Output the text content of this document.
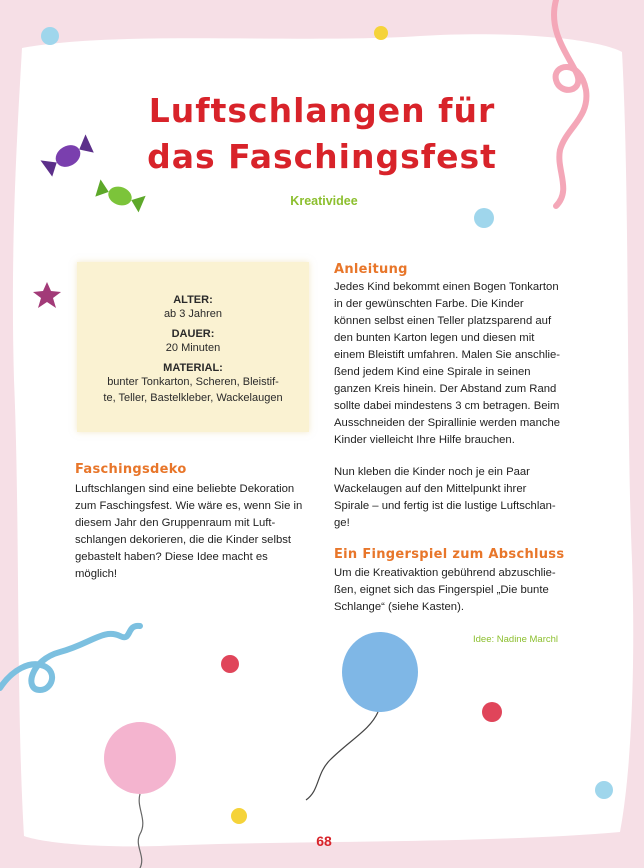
Luftschlangen für
das Faschingsfest
Kreatividee
ALTER:
ab 3 Jahren
DAUER:
20 Minuten
MATERIAL:
bunter Tonkarton, Scheren, Bleistif-
te, Teller, Bastelkleber, Wackelaugen
Faschingsdeko
Luftschlangen sind eine beliebte Dekoration
zum Faschingsfest. Wie wäre es, wenn Sie in
diesem Jahr den Gruppenraum mit Luft-
schlangen dekorieren, die die Kinder selbst
gebastelt haben? Diese Idee macht es
möglich!
Anleitung
Jedes Kind bekommt einen Bogen Tonkarton
in der gewünschten Farbe. Die Kinder
können selbst einen Teller platzsparend auf
den bunten Karton legen und diesen mit
einem Bleistift umfahren. Malen Sie anschlie-
ßend jedem Kind eine Spirale in seinen
ganzen Kreis hinein. Der Abstand zum Rand
sollte dabei mindestens 3 cm betragen. Beim
Ausschneiden der Spirallinie werden manche
Kinder vielleicht Ihre Hilfe brauchen.
Nun kleben die Kinder noch je ein Paar
Wackelaugen auf den Mittelpunkt ihrer
Spirale – und fertig ist die lustige Luftschlan-
ge!
Ein Fingerspiel zum Abschluss
Um die Kreativaktion gebührend abzuschlie-
ßen, eignet sich das Fingerspiel „Die bunte
Schlange“ (siehe Kasten).
Idee: Nadine Marchl
68
